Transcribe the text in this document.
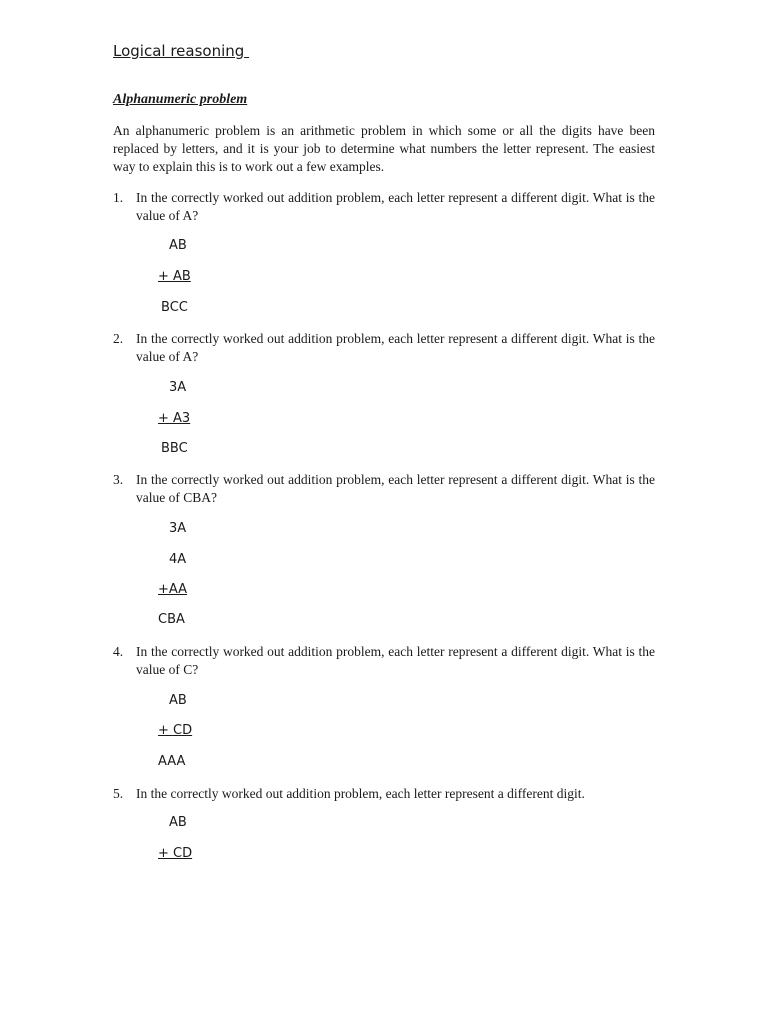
Logical reasoning
Alphanumeric problem
An alphanumeric problem is an arithmetic problem in which some or all the digits have been replaced by letters, and it is your job to determine what numbers the letter represent. The easiest way to explain this is to work out a few examples.
1. In the correctly worked out addition problem, each letter represent a different digit. What is the value of A?
AB
+ AB
BCC
2. In the correctly worked out addition problem, each letter represent a different digit. What is the value of A?
3A
+ A3
BBC
3. In the correctly worked out addition problem, each letter represent a different digit. What is the value of CBA?
3A
4A
+AA
CBA
4. In the correctly worked out addition problem, each letter represent a different digit. What is the value of C?
AB
+ CD
AAA
5. In the correctly worked out addition problem, each letter represent a different digit.
AB
+ CD
